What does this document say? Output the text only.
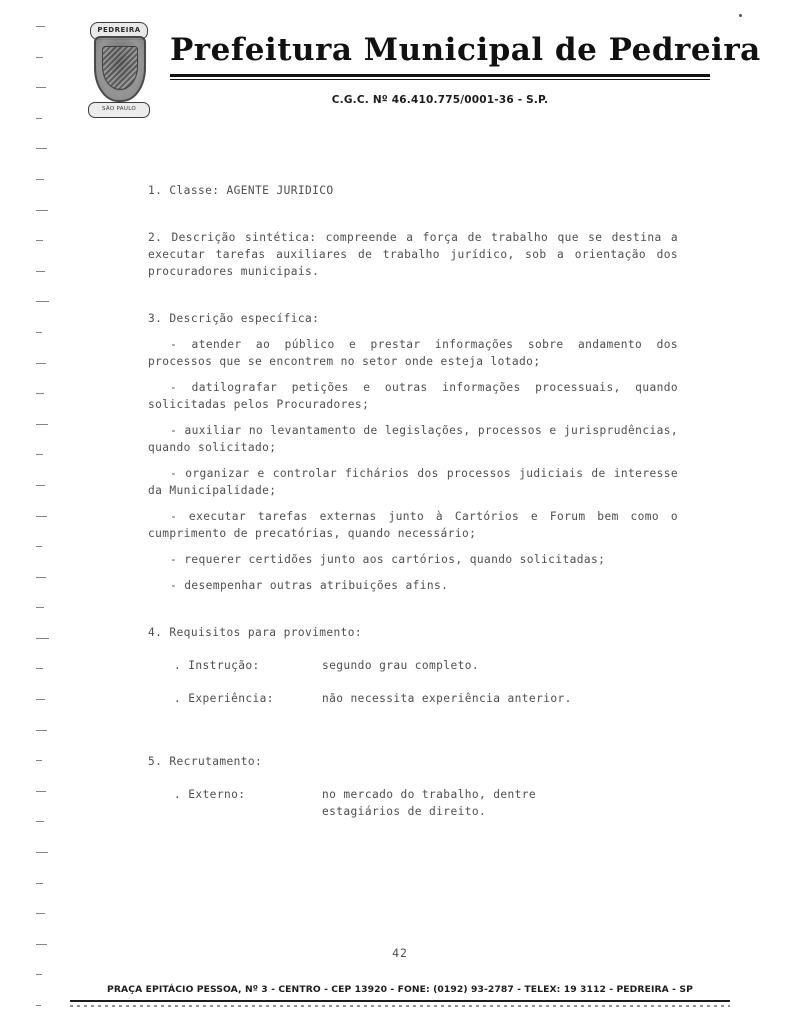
PEDREIRA
SÃO PAULO
Prefeitura Municipal de Pedreira
C.G.C. Nº 46.410.775/0001-36 - S.P.

1. Classe: AGENTE JURIDICO

2. Descrição sintética: compreende a força de trabalho que se destina a executar tarefas auxiliares de trabalho jurídico, sob a orientação dos procuradores municipais.

3. Descrição específica:

- atender ao público e prestar informações sobre andamento dos processos que se encontrem no setor onde esteja lotado;

- datilografar petições e outras informações processuais, quando solicitadas pelos Procuradores;

- auxiliar no levantamento de legislações, processos e jurisprudências, quando solicitado;

- organizar e controlar fichários dos processos judiciais de interesse da Municipalidade;

- executar tarefas externas junto à Cartórios e Forum bem como o cumprimento de precatórias, quando necessário;

- requerer certidões junto aos cartórios, quando solicitadas;

- desempenhar outras atribuições afins.

4. Requisitos para provimento:

. Instrução:	segundo grau completo.
. Experiência:	não necessita experiência anterior.

5. Recrutamento:

. Externo:	no mercado do trabalho, dentre
estagiários de direito.
42
PRAÇA EPITÁCIO PESSOA, Nº 3 - CENTRO - CEP 13920 - FONE: (0192) 93-2787 - TELEX: 19 3112 - PEDREIRA - SP
